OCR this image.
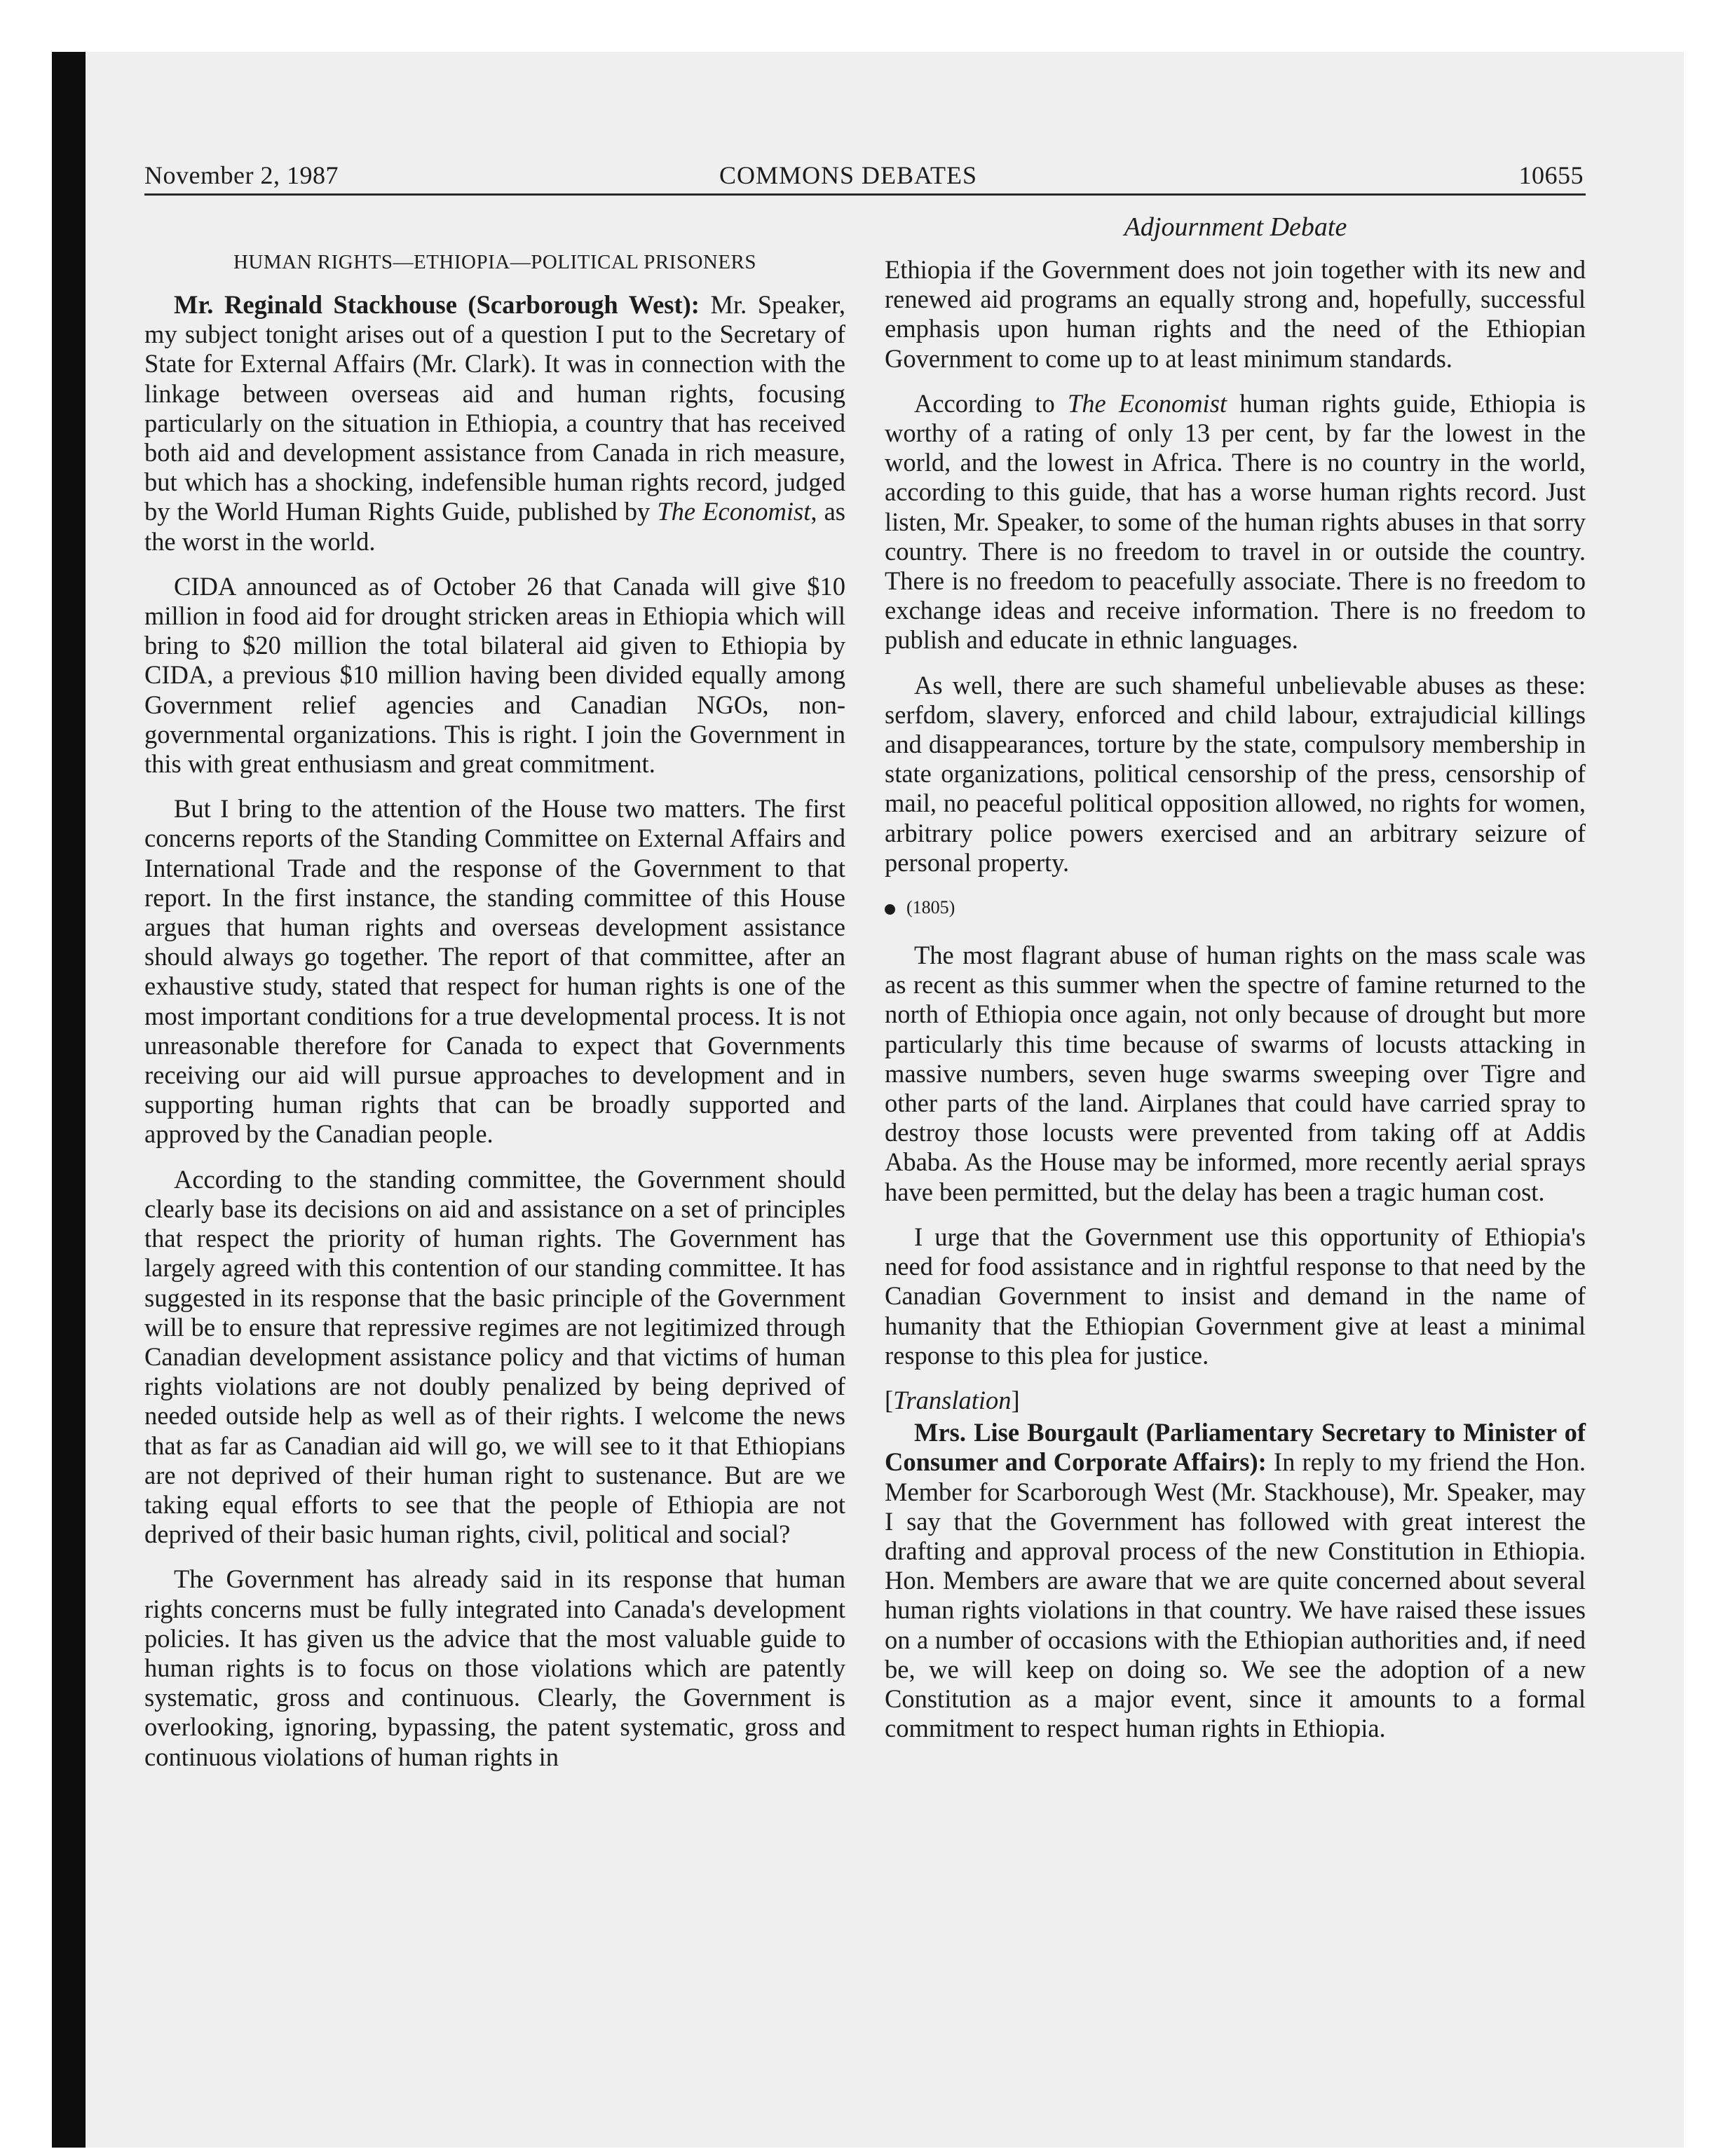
November 2, 1987	COMMONS DEBATES	10655
Adjournment Debate
HUMAN RIGHTS—ETHIOPIA—POLITICAL PRISONERS

Mr. Reginald Stackhouse (Scarborough West): Mr. Speaker, my subject tonight arises out of a question I put to the Secretary of State for External Affairs (Mr. Clark). It was in connection with the linkage between overseas aid and human rights, focusing particularly on the situation in Ethiopia, a country that has received both aid and development assistance from Canada in rich measure, but which has a shocking, indefensible human rights record, judged by the World Human Rights Guide, published by The Economist, as the worst in the world.

CIDA announced as of October 26 that Canada will give $10 million in food aid for drought stricken areas in Ethiopia which will bring to $20 million the total bilateral aid given to Ethiopia by CIDA, a previous $10 million having been divided equally among Government relief agencies and Canadian NGOs, non-governmental organizations. This is right. I join the Government in this with great enthusiasm and great commitment.

But I bring to the attention of the House two matters. The first concerns reports of the Standing Committee on External Affairs and International Trade and the response of the Government to that report. In the first instance, the standing committee of this House argues that human rights and overseas development assistance should always go together. The report of that committee, after an exhaustive study, stated that respect for human rights is one of the most important conditions for a true developmental process. It is not unreasonable therefore for Canada to expect that Governments receiving our aid will pursue approaches to development and in supporting human rights that can be broadly supported and approved by the Canadian people.

According to the standing committee, the Government should clearly base its decisions on aid and assistance on a set of principles that respect the priority of human rights. The Government has largely agreed with this contention of our standing committee. It has suggested in its response that the basic principle of the Government will be to ensure that repressive regimes are not legitimized through Canadian development assistance policy and that victims of human rights violations are not doubly penalized by being deprived of needed outside help as well as of their rights. I welcome the news that as far as Canadian aid will go, we will see to it that Ethiopians are not deprived of their human right to sustenance. But are we taking equal efforts to see that the people of Ethiopia are not deprived of their basic human rights, civil, political and social?

The Government has already said in its response that human rights concerns must be fully integrated into Canada's development policies. It has given us the advice that the most valuable guide to human rights is to focus on those violations which are patently systematic, gross and continuous. Clearly, the Government is overlooking, ignoring, bypassing, the patent systematic, gross and continuous violations of human rights in

Ethiopia if the Government does not join together with its new and renewed aid programs an equally strong and, hopefully, successful emphasis upon human rights and the need of the Ethiopian Government to come up to at least minimum standards.

According to The Economist human rights guide, Ethiopia is worthy of a rating of only 13 per cent, by far the lowest in the world, and the lowest in Africa. There is no country in the world, according to this guide, that has a worse human rights record. Just listen, Mr. Speaker, to some of the human rights abuses in that sorry country. There is no freedom to travel in or outside the country. There is no freedom to peacefully associate. There is no freedom to exchange ideas and receive information. There is no freedom to publish and educate in ethnic languages.

As well, there are such shameful unbelievable abuses as these: serfdom, slavery, enforced and child labour, extrajudicial killings and disappearances, torture by the state, compulsory membership in state organizations, political censorship of the press, censorship of mail, no peaceful political opposition allowed, no rights for women, arbitrary police powers exercised and an arbitrary seizure of personal property.

(1805)

The most flagrant abuse of human rights on the mass scale was as recent as this summer when the spectre of famine returned to the north of Ethiopia once again, not only because of drought but more particularly this time because of swarms of locusts attacking in massive numbers, seven huge swarms sweeping over Tigre and other parts of the land. Airplanes that could have carried spray to destroy those locusts were prevented from taking off at Addis Ababa. As the House may be informed, more recently aerial sprays have been permitted, but the delay has been a tragic human cost.

I urge that the Government use this opportunity of Ethiopia's need for food assistance and in rightful response to that need by the Canadian Government to insist and demand in the name of humanity that the Ethiopian Government give at least a minimal response to this plea for justice.

[Translation]

Mrs. Lise Bourgault (Parliamentary Secretary to Minister of Consumer and Corporate Affairs): In reply to my friend the Hon. Member for Scarborough West (Mr. Stackhouse), Mr. Speaker, may I say that the Government has followed with great interest the drafting and approval process of the new Constitution in Ethiopia. Hon. Members are aware that we are quite concerned about several human rights violations in that country. We have raised these issues on a number of occasions with the Ethiopian authorities and, if need be, we will keep on doing so. We see the adoption of a new Constitution as a major event, since it amounts to a formal commitment to respect human rights in Ethiopia.
